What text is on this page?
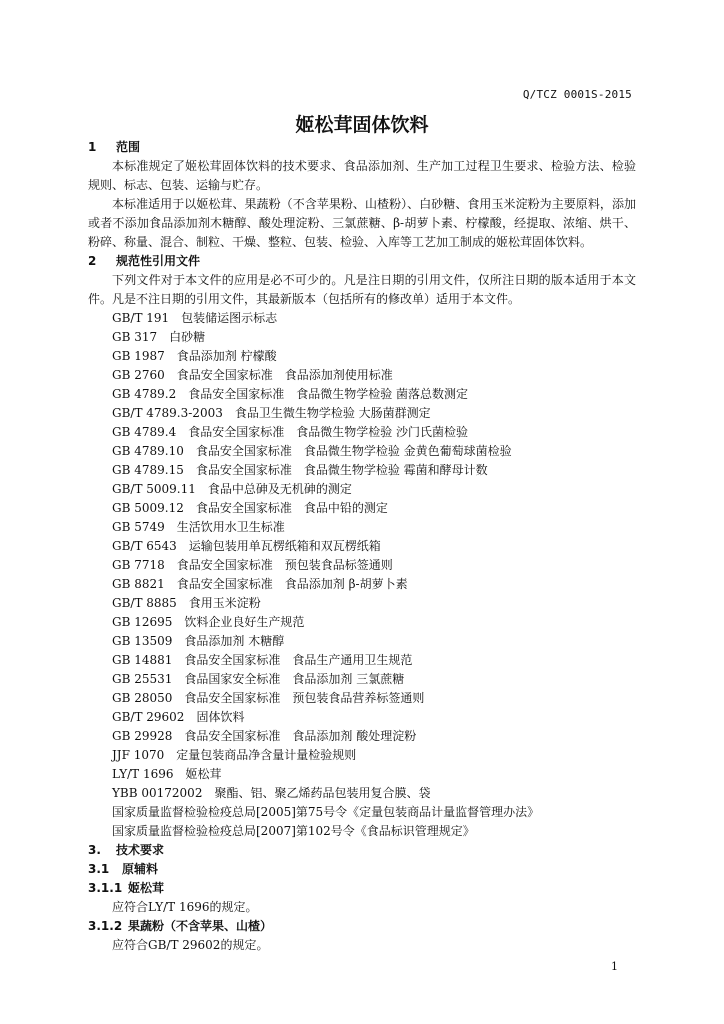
Q/TCZ 0001S-2015
姬松茸固体饮料
1 范围

本标准规定了姬松茸固体饮料的技术要求、食品添加剂、生产加工过程卫生要求、检验方法、检验规则、标志、包装、运输与贮存。

本标准适用于以姬松茸、果蔬粉（不含苹果粉、山楂粉）、白砂糖、食用玉米淀粉为主要原料，添加或者不添加食品添加剂木糖醇、酸处理淀粉、三氯蔗糖、β-胡萝卜素、柠檬酸，经提取、浓缩、烘干、粉碎、称量、混合、制粒、干燥、整粒、包装、检验、入库等工艺加工制成的姬松茸固体饮料。

2 规范性引用文件

下列文件对于本文件的应用是必不可少的。凡是注日期的引用文件，仅所注日期的版本适用于本文件。凡是不注日期的引用文件，其最新版本（包括所有的修改单）适用于本文件。

GB/T 191　包装储运图示标志
GB 317　白砂糖
GB 1987　食品添加剂 柠檬酸
GB 2760　食品安全国家标准　食品添加剂使用标准
GB 4789.2　食品安全国家标准　食品微生物学检验 菌落总数测定
GB/T 4789.3-2003　食品卫生微生物学检验 大肠菌群测定
GB 4789.4　食品安全国家标准　食品微生物学检验 沙门氏菌检验
GB 4789.10　食品安全国家标准　食品微生物学检验 金黄色葡萄球菌检验
GB 4789.15　食品安全国家标准　食品微生物学检验 霉菌和酵母计数
GB/T 5009.11　食品中总砷及无机砷的测定
GB 5009.12　食品安全国家标准　食品中铅的测定
GB 5749　生活饮用水卫生标准
GB/T 6543　运输包装用单瓦楞纸箱和双瓦楞纸箱
GB 7718　食品安全国家标准　预包装食品标签通则
GB 8821　食品安全国家标准　食品添加剂 β-胡萝卜素
GB/T 8885　食用玉米淀粉
GB 12695　饮料企业良好生产规范
GB 13509　食品添加剂 木糖醇
GB 14881　食品安全国家标准　食品生产通用卫生规范
GB 25531　食品国家安全标准　食品添加剂 三氯蔗糖
GB 28050　食品安全国家标准　预包装食品营养标签通则
GB/T 29602　固体饮料
GB 29928　食品安全国家标准　食品添加剂 酸处理淀粉
JJF 1070　定量包装商品净含量计量检验规则
LY/T 1696　姬松茸
YBB 00172002　聚酯、铝、聚乙烯药品包装用复合膜、袋
国家质量监督检验检疫总局[2005]第75号令《定量包装商品计量监督管理办法》
国家质量监督检验检疫总局[2007]第102号令《食品标识管理规定》
3. 技术要求
3.1 原辅料
3.1.1 姬松茸
应符合LY/T 1696的规定。
3.1.2 果蔬粉（不含苹果、山楂）
应符合GB/T 29602的规定。
1
